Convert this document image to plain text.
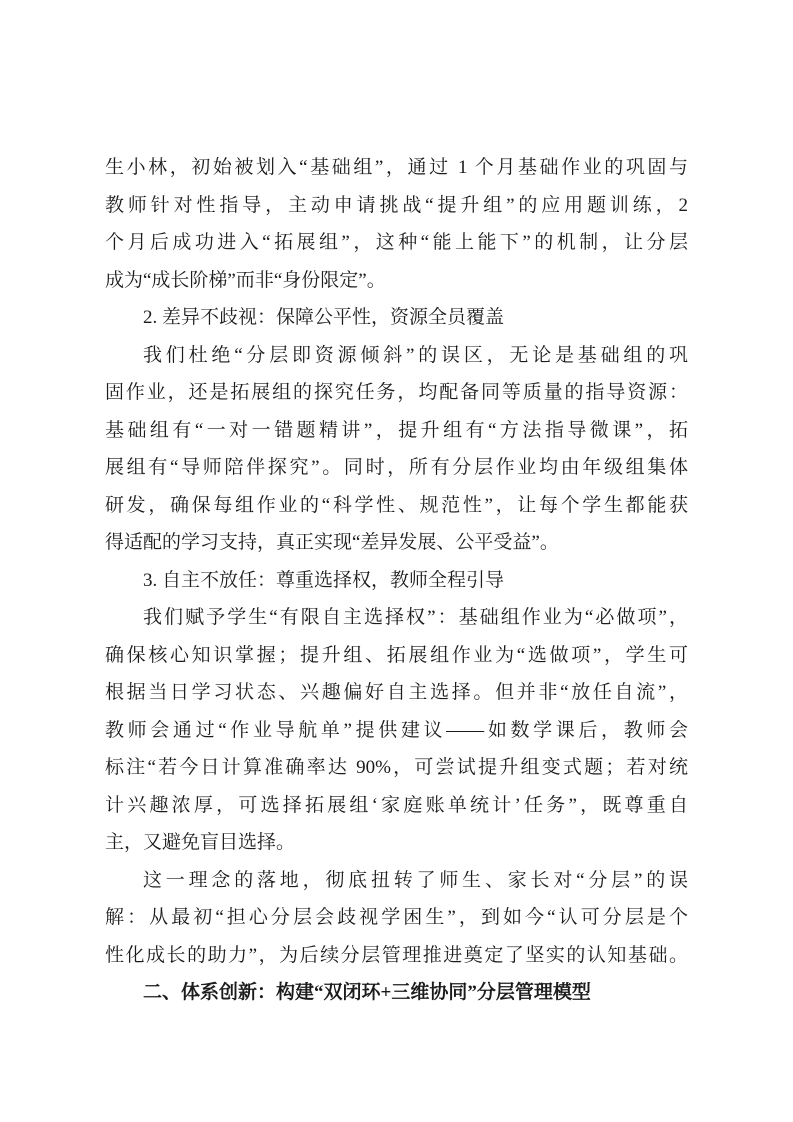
生小林，初始被划入“基础组”，通过 1 个月基础作业的巩固与
教师针对性指导，主动申请挑战“提升组”的应用题训练，2
个月后成功进入“拓展组”，这种“能上能下”的机制，让分层
成为“成长阶梯”而非“身份限定”。
2. 差异不歧视：保障公平性，资源全员覆盖
我们杜绝“分层即资源倾斜”的误区，无论是基础组的巩
固作业，还是拓展组的探究任务，均配备同等质量的指导资源：
基础组有“一对一错题精讲”，提升组有“方法指导微课”，拓
展组有“导师陪伴探究”。同时，所有分层作业均由年级组集体
研发，确保每组作业的“科学性、规范性”，让每个学生都能获
得适配的学习支持，真正实现“差异发展、公平受益”。
3. 自主不放任：尊重选择权，教师全程引导
我们赋予学生“有限自主选择权”：基础组作业为“必做项”，
确保核心知识掌握；提升组、拓展组作业为“选做项”，学生可
根据当日学习状态、兴趣偏好自主选择。但并非“放任自流”，
教师会通过“作业导航单”提供建议——如数学课后，教师会
标注“若今日计算准确率达 90%，可尝试提升组变式题；若对统
计兴趣浓厚，可选择拓展组‘家庭账单统计’任务”，既尊重自
主，又避免盲目选择。
这一理念的落地，彻底扭转了师生、家长对“分层”的误
解：从最初“担心分层会歧视学困生”，到如今“认可分层是个
性化成长的助力”，为后续分层管理推进奠定了坚实的认知基础。
二、体系创新：构建“双闭环+三维协同”分层管理模型
